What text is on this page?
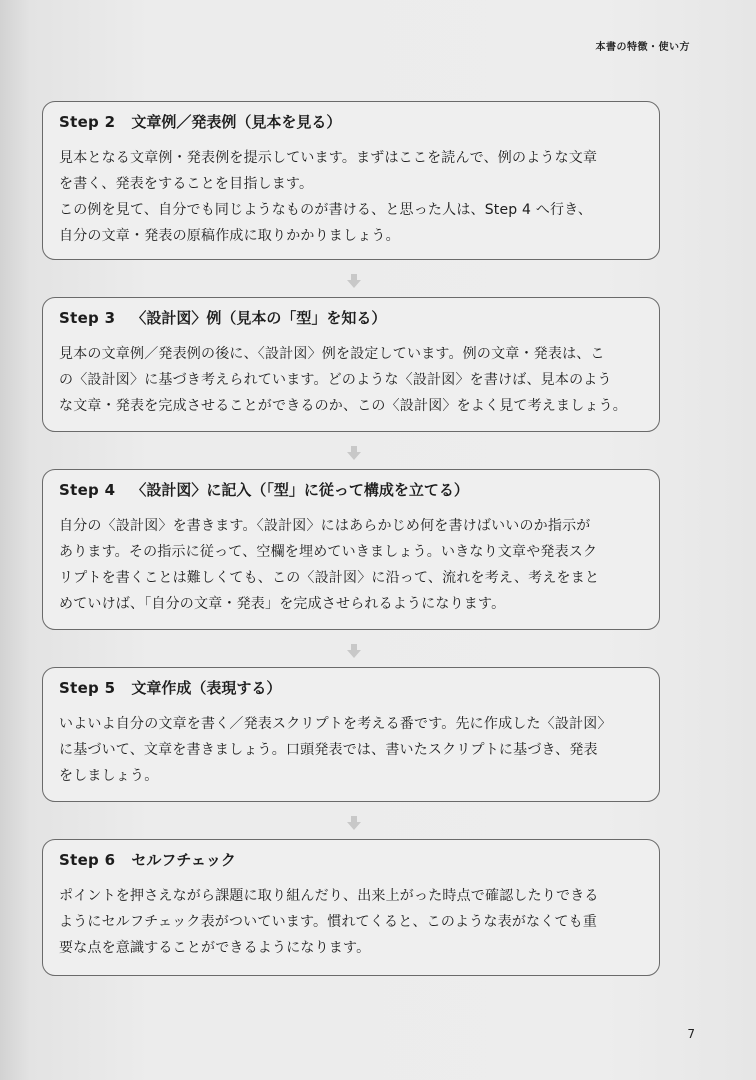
本書の特徴・使い方
Step 2 文章例／発表例（見本を見る）

見本となる文章例・発表例を提示しています。まずはここを読んで、例のような文章

を書く、発表をすることを目指します。

この例を見て、自分でも同じようなものが書ける、と思った人は、Step 4 へ行き、

自分の文章・発表の原稿作成に取りかかりましょう。

Step 3 〈設計図〉例（見本の「型」を知る）

見本の文章例／発表例の後に、〈設計図〉例を設定しています。例の文章・発表は、こ

の〈設計図〉に基づき考えられています。どのような〈設計図〉を書けば、見本のよう

な文章・発表を完成させることができるのか、この〈設計図〉をよく見て考えましょう。

Step 4 〈設計図〉に記入（「型」に従って構成を立てる）

自分の〈設計図〉を書きます。〈設計図〉にはあらかじめ何を書けばいいのか指示が

あります。その指示に従って、空欄を埋めていきましょう。いきなり文章や発表スク

リプトを書くことは難しくても、この〈設計図〉に沿って、流れを考え、考えをまと

めていけば、「自分の文章・発表」を完成させられるようになります。

Step 5 文章作成（表現する）

いよいよ自分の文章を書く／発表スクリプトを考える番です。先に作成した〈設計図〉

に基づいて、文章を書きましょう。口頭発表では、書いたスクリプトに基づき、発表

をしましょう。

Step 6 セルフチェック

ポイントを押さえながら課題に取り組んだり、出来上がった時点で確認したりできる

ようにセルフチェック表がついています。慣れてくると、このような表がなくても重

要な点を意識することができるようになります。

7
